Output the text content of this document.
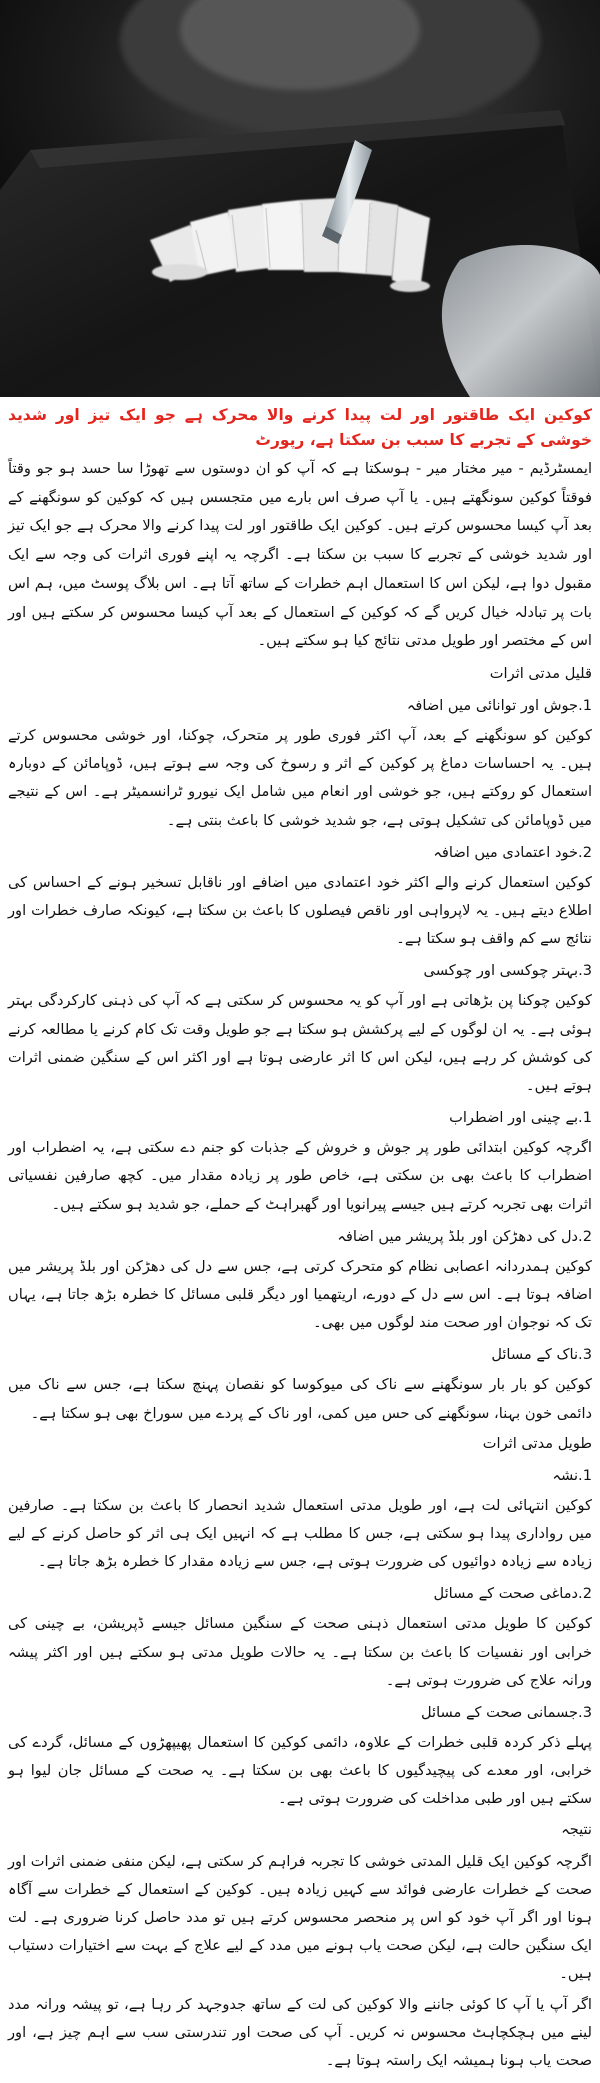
کوکین ایک طاقتور اور لت پیدا کرنے والا محرک ہے جو ایک تیز اور شدید خوشی کے تجربے کا سبب بن سکتا ہے، رپورٹ

ایمسٹرڈیم - میر مختار میر - ہوسکتا ہے کہ آپ کو ان دوستوں سے تھوڑا سا حسد ہو جو وقتاً فوقتاً کوکین سونگھتے ہیں۔ یا آپ صرف اس بارے میں متجسس ہیں کہ کوکین کو سونگھنے کے بعد آپ کیسا محسوس کرتے ہیں۔ کوکین ایک طاقتور اور لت پیدا کرنے والا محرک ہے جو ایک تیز اور شدید خوشی کے تجربے کا سبب بن سکتا ہے۔ اگرچہ یہ اپنے فوری اثرات کی وجہ سے ایک مقبول دوا ہے، لیکن اس کا استعمال اہم خطرات کے ساتھ آتا ہے۔ اس بلاگ پوسٹ میں، ہم اس بات پر تبادلہ خیال کریں گے کہ کوکین کے استعمال کے بعد آپ کیسا محسوس کر سکتے ہیں اور اس کے مختصر اور طویل مدتی نتائج کیا ہو سکتے ہیں۔

قلیل مدتی اثرات
1.جوش اور توانائی میں اضافہ

کوکین کو سونگھنے کے بعد، آپ اکثر فوری طور پر متحرک، چوکنا، اور خوشی محسوس کرتے ہیں۔ یہ احساسات دماغ پر کوکین کے اثر و رسوخ کی وجہ سے ہوتے ہیں، ڈوپامائن کے دوبارہ استعمال کو روکتے ہیں، جو خوشی اور انعام میں شامل ایک نیورو ٹرانسمیٹر ہے۔ اس کے نتیجے میں ڈوپامائن کی تشکیل ہوتی ہے، جو شدید خوشی کا باعث بنتی ہے۔

2.خود اعتمادی میں اضافہ

کوکین استعمال کرنے والے اکثر خود اعتمادی میں اضافے اور ناقابل تسخیر ہونے کے احساس کی اطلاع دیتے ہیں۔ یہ لاپرواہی اور ناقص فیصلوں کا باعث بن سکتا ہے، کیونکہ صارف خطرات اور نتائج سے کم واقف ہو سکتا ہے۔

3.بہتر چوکسی اور چوکسی

کوکین چوکنا پن بڑھاتی ہے اور آپ کو یہ محسوس کر سکتی ہے کہ آپ کی ذہنی کارکردگی بہتر ہوئی ہے۔ یہ ان لوگوں کے لیے پرکشش ہو سکتا ہے جو طویل وقت تک کام کرنے یا مطالعہ کرنے کی کوشش کر رہے ہیں، لیکن اس کا اثر عارضی ہوتا ہے اور اکثر اس کے سنگین ضمنی اثرات ہوتے ہیں۔

1.بے چینی اور اضطراب

اگرچہ کوکین ابتدائی طور پر جوش و خروش کے جذبات کو جنم دے سکتی ہے، یہ اضطراب اور اضطراب کا باعث بھی بن سکتی ہے، خاص طور پر زیادہ مقدار میں۔ کچھ صارفین نفسیاتی اثرات بھی تجربہ کرتے ہیں جیسے پیرانویا اور گھبراہٹ کے حملے، جو شدید ہو سکتے ہیں۔

2.دل کی دھڑکن اور بلڈ پریشر میں اضافہ

کوکین ہمدردانہ اعصابی نظام کو متحرک کرتی ہے، جس سے دل کی دھڑکن اور بلڈ پریشر میں اضافہ ہوتا ہے۔ اس سے دل کے دورے، اریتھمیا اور دیگر قلبی مسائل کا خطرہ بڑھ جاتا ہے، یہاں تک کہ نوجوان اور صحت مند لوگوں میں بھی۔

3.ناک کے مسائل

کوکین کو بار بار سونگھنے سے ناک کی میوکوسا کو نقصان پہنچ سکتا ہے، جس سے ناک میں دائمی خون بہنا، سونگھنے کی حس میں کمی، اور ناک کے پردے میں سوراخ بھی ہو سکتا ہے۔

طویل مدتی اثرات
1.نشہ

کوکین انتہائی لت ہے، اور طویل مدتی استعمال شدید انحصار کا باعث بن سکتا ہے۔ صارفین میں رواداری پیدا ہو سکتی ہے، جس کا مطلب ہے کہ انہیں ایک ہی اثر کو حاصل کرنے کے لیے زیادہ سے زیادہ دوائیوں کی ضرورت ہوتی ہے، جس سے زیادہ مقدار کا خطرہ بڑھ جاتا ہے۔

2.دماغی صحت کے مسائل

کوکین کا طویل مدتی استعمال ذہنی صحت کے سنگین مسائل جیسے ڈپریشن، بے چینی کی خرابی اور نفسیات کا باعث بن سکتا ہے۔ یہ حالات طویل مدتی ہو سکتے ہیں اور اکثر پیشہ ورانہ علاج کی ضرورت ہوتی ہے۔

3.جسمانی صحت کے مسائل

پہلے ذکر کردہ قلبی خطرات کے علاوہ، دائمی کوکین کا استعمال پھیپھڑوں کے مسائل، گردے کی خرابی، اور معدے کی پیچیدگیوں کا باعث بھی بن سکتا ہے۔ یہ صحت کے مسائل جان لیوا ہو سکتے ہیں اور طبی مداخلت کی ضرورت ہوتی ہے۔

نتیجہ

اگرچہ کوکین ایک قلیل المدتی خوشی کا تجربہ فراہم کر سکتی ہے، لیکن منفی ضمنی اثرات اور صحت کے خطرات عارضی فوائد سے کہیں زیادہ ہیں۔ کوکین کے استعمال کے خطرات سے آگاہ ہونا اور اگر آپ خود کو اس پر منحصر محسوس کرتے ہیں تو مدد حاصل کرنا ضروری ہے۔ لت ایک سنگین حالت ہے، لیکن صحت یاب ہونے میں مدد کے لیے علاج کے بہت سے اختیارات دستیاب ہیں۔

اگر آپ یا آپ کا کوئی جاننے والا کوکین کی لت کے ساتھ جدوجہد کر رہا ہے، تو پیشہ ورانہ مدد لینے میں ہچکچاہٹ محسوس نہ کریں۔ آپ کی صحت اور تندرستی سب سے اہم چیز ہے، اور صحت یاب ہونا ہمیشہ ایک راستہ ہوتا ہے۔
